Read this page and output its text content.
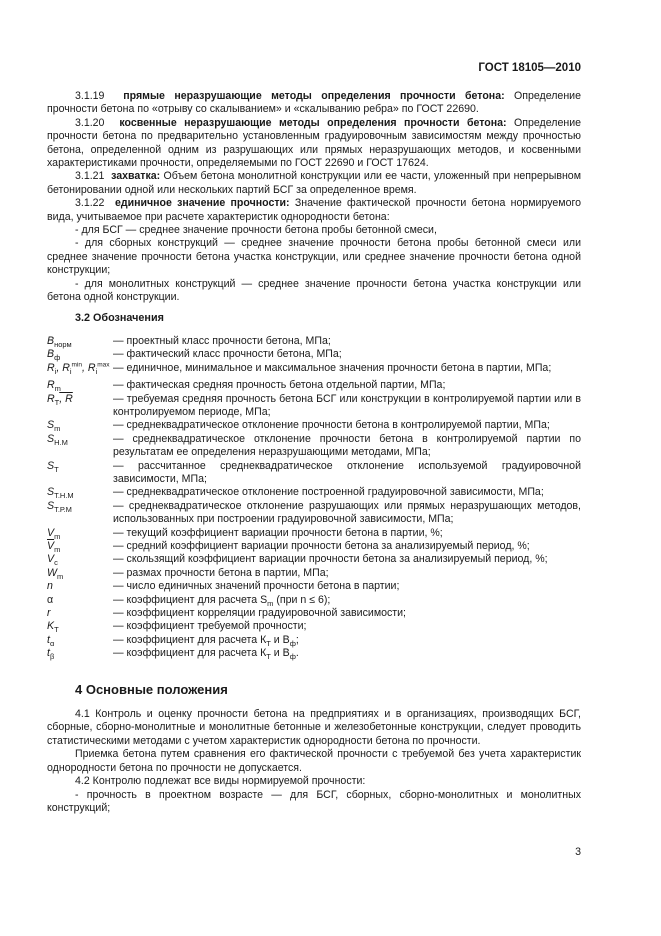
ГОСТ 18105—2010

3.1.19 прямые неразрушающие методы определения прочности бетона: Определение прочности бетона по «отрыву со скалыванием» и «скалыванию ребра» по ГОСТ 22690.

3.1.20 косвенные неразрушающие методы определения прочности бетона: Определение прочности бетона по предварительно установленным градуировочным зависимостям между прочностью бетона, определенной одним из разрушающих или прямых неразрушающих методов, и косвенными характеристиками прочности, определяемыми по ГОСТ 22690 и ГОСТ 17624.

3.1.21 захватка: Объем бетона монолитной конструкции или ее части, уложенный при непрерывном бетонировании одной или нескольких партий БСГ за определенное время.

3.1.22 единичное значение прочности: Значение фактической прочности бетона нормируемого вида, учитываемое при расчете характеристик однородности бетона:

- для БСГ — среднее значение прочности бетона пробы бетонной смеси,

- для сборных конструкций — среднее значение прочности бетона пробы бетонной смеси или среднее значение прочности бетона участка конструкции, или среднее значение прочности бетона одной конструкции;

- для монолитных конструкций — среднее значение прочности бетона участка конструкции или бетона одной конструкции.

3.2 Обозначения
$B_{норм}$	— проектный класс прочности бетона, МПа;
$B_ф$	— фактический класс прочности бетона, МПа;
$R_i$, $R_i^{min}$, $R_i^{max}$ — единичное, минимальное и максимальное значения прочности бетона в партии, МПа;
$R_m$	— фактическая средняя прочность бетона отдельной партии, МПа;
$R_Т$, R	— требуемая средняя прочность бетона БСГ или конструкции в контролируемой партии или в контролируемом периоде, МПа;
$S_m$	— среднеквадратическое отклонение прочности бетона в контролируемой партии, МПа;
$S_{Н.М}$	— среднеквадратическое отклонение прочности бетона в контролируемой партии по результатам ее определения неразрушающими методами, МПа;
$S_Т$	— рассчитанное среднеквадратическое отклонение используемой градуировочной зависимости, МПа;
$S_{Т.Н.М}$	— среднеквадратическое отклонение построенной градуировочной зависимости, МПа;
$S_{Т.Р.М}$	— среднеквадратическое отклонение разрушающих или прямых неразрушающих методов, использованных при построении градуировочной зависимости, МПа;
$V_m$	— текущий коэффициент вариации прочности бетона в партии, %;
$\overline{V}_m$	— средний коэффициент вариации прочности бетона за анализируемый период, %;
$V_c$	— скользящий коэффициент вариации прочности бетона за анализируемый период, %;
$W_m$	— размах прочности бетона в партии, МПа;
n	— число единичных значений прочности бетона в партии;
α	— коэффициент для расчета $S_m$ (при n ≤ 6);
r	— коэффициент корреляции градуировочной зависимости;
$K_Т$	— коэффициент требуемой прочности;
$t_\alpha$	— коэффициент для расчета $К_Т$ и $В_ф$;
$t_\beta$	— коэффициент для расчета $К_Т$ и $В_ф$.
4 Основные положения

4.1 Контроль и оценку прочности бетона на предприятиях и в организациях, производящих БСГ, сборные, сборно-монолитные и монолитные бетонные и железобетонные конструкции, следует проводить статистическими методами с учетом характеристик однородности бетона по прочности.

Приемка бетона путем сравнения его фактической прочности с требуемой без учета характеристик однородности бетона по прочности не допускается.

4.2 Контролю подлежат все виды нормируемой прочности:

- прочность в проектном возрасте — для БСГ, сборных, сборно-монолитных и монолитных конструкций;

3
